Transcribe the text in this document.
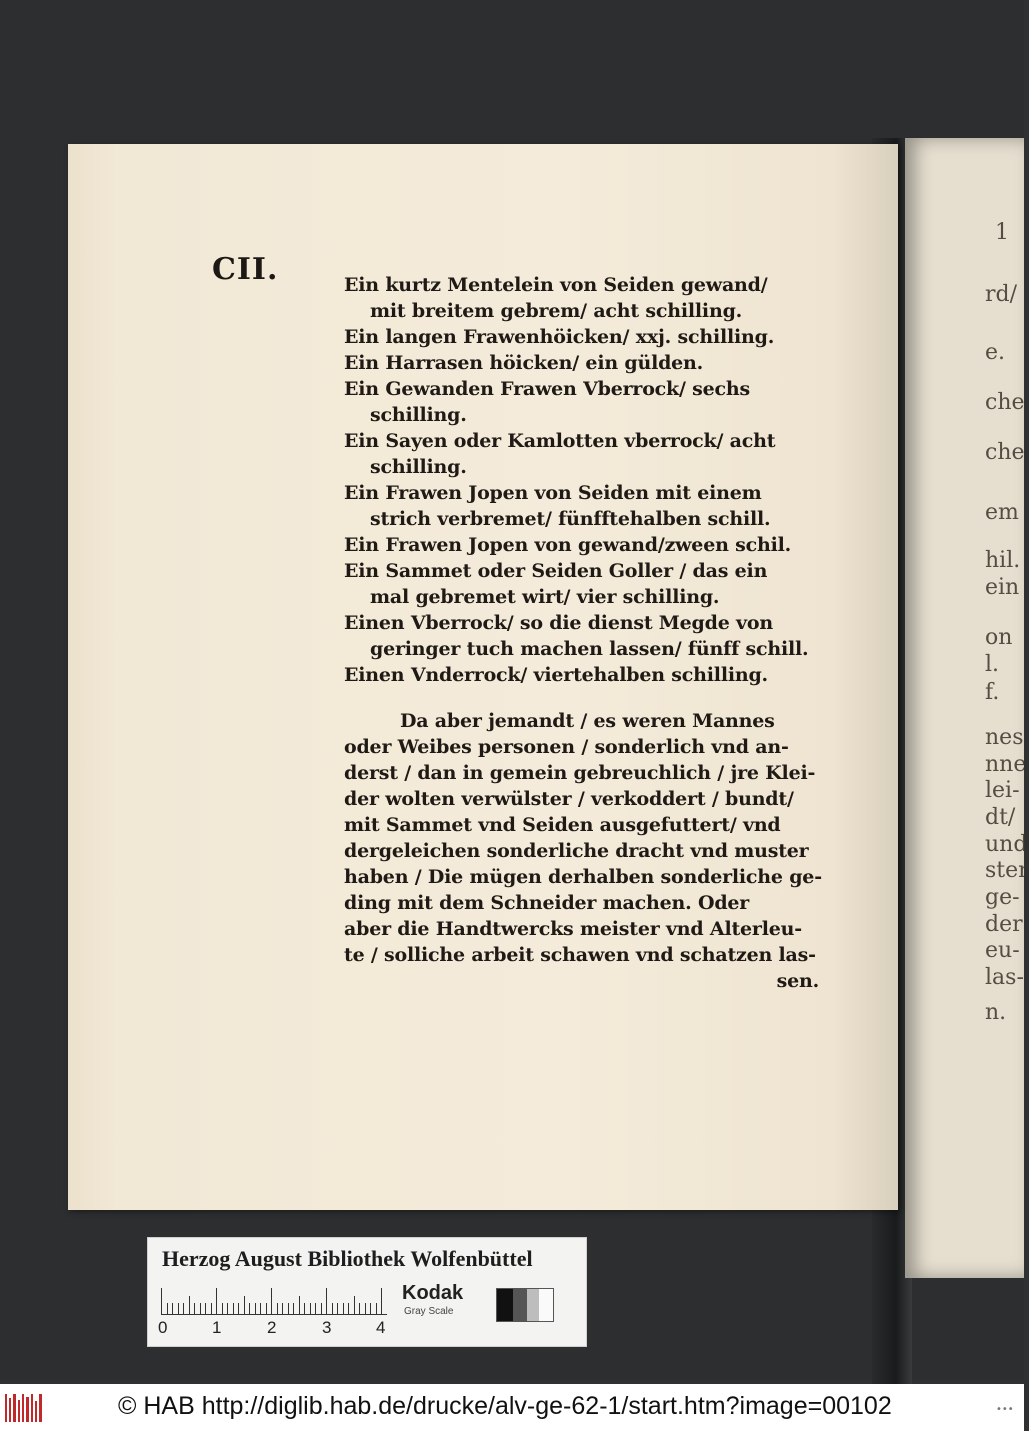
1
rd/
e.
che
che
em
hil.
ein
on
l.
f.
nes
nne
lei-
dt/
und
ster
ge-
der
eu-
las-
n.
CII.	Ein kurtz Mentelein von Seiden gewand/
mit breitem gebrem/ acht schilling.
Ein langen Frawenhöicken/ xxj. schilling.
Ein Harrasen höicken/ ein gülden.
Ein Gewanden Frawen Vberrock/ sechs
schilling.
Ein Sayen oder Kamlotten vberrock/ acht
schilling.
Ein Frawen Jopen von Seiden mit einem
strich verbremet/ fünfftehalben schill.
Ein Frawen Jopen von gewand/zween schil.
Ein Sammet oder Seiden Goller / das ein
mal gebremet wirt/ vier schilling.
Einen Vberrock/ so die dienst Megde von
geringer tuch machen lassen/ fünff schill.
Einen Vnderrock/ viertehalben schilling.
Da aber jemandt / es weren Mannes
oder Weibes personen / sonderlich vnd an-
derst / dan in gemein gebreuchlich / jre Klei-
der wolten verwülster / verkoddert / bundt/
mit Sammet vnd Seiden ausgefuttert/ vnd
dergeleichen sonderliche dracht vnd muster
haben / Die mügen derhalben sonderliche ge-
ding mit dem Schneider machen. Oder
aber die Handtwercks meister vnd Alterleu-
te / solliche arbeit schawen vnd schatzen las-
sen.
Herzog August Bibliothek Wolfenbüttel
0	1	2	3	4
Kodak
Gray Scale
© HAB http://diglib.hab.de/drucke/alv-ge-62-1/start.htm?image=00102	•••
